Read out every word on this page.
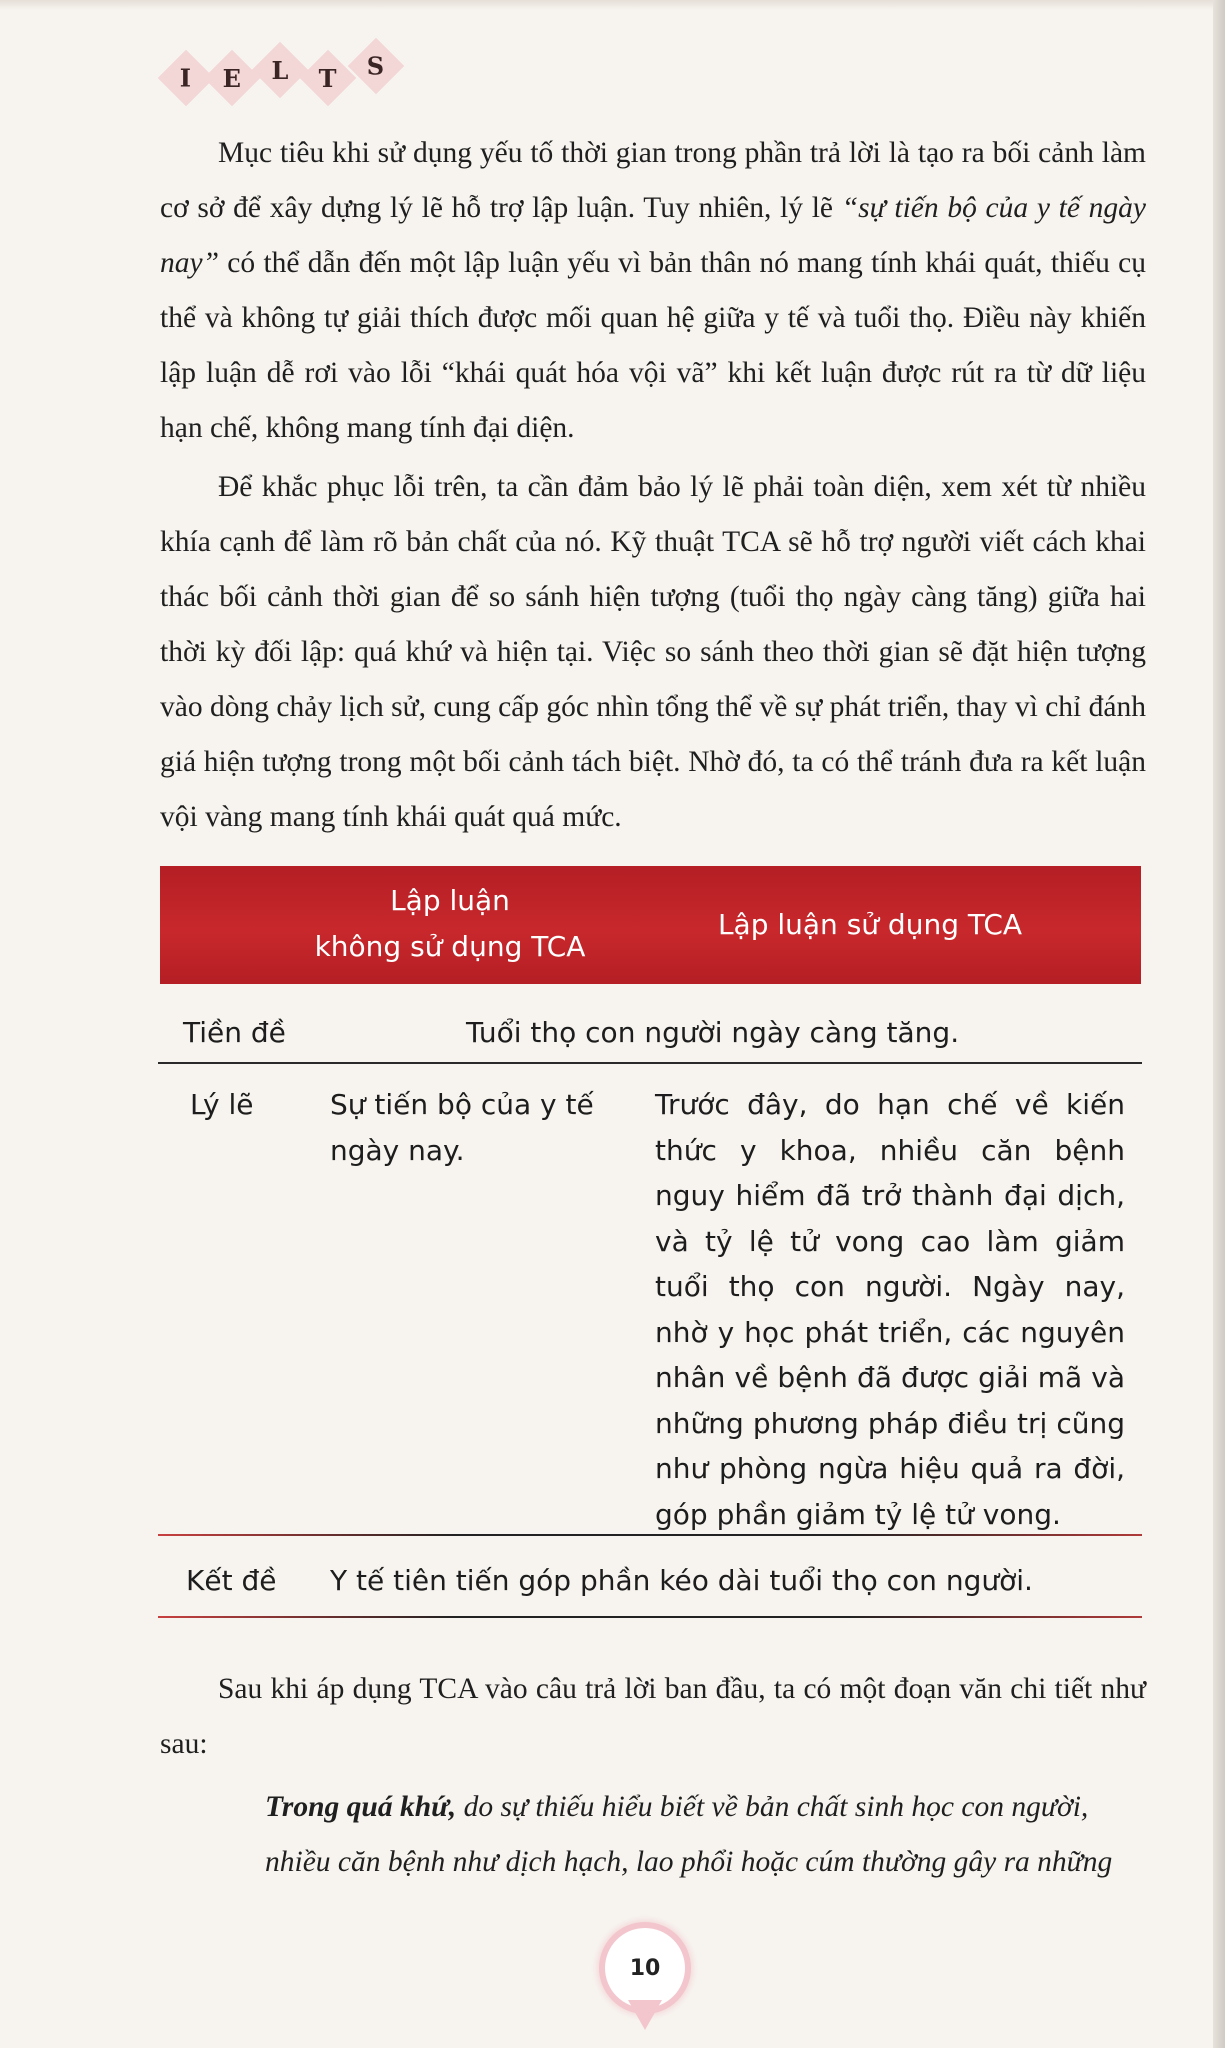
I E L T S
Mục tiêu khi sử dụng yếu tố thời gian trong phần trả lời là tạo ra bối cảnh làm cơ sở để xây dựng lý lẽ hỗ trợ lập luận. Tuy nhiên, lý lẽ “sự tiến bộ của y tế ngày nay” có thể dẫn đến một lập luận yếu vì bản thân nó mang tính khái quát, thiếu cụ thể và không tự giải thích được mối quan hệ giữa y tế và tuổi thọ. Điều này khiến lập luận dễ rơi vào lỗi “khái quát hóa vội vã” khi kết luận được rút ra từ dữ liệu hạn chế, không mang tính đại diện.
Để khắc phục lỗi trên, ta cần đảm bảo lý lẽ phải toàn diện, xem xét từ nhiều khía cạnh để làm rõ bản chất của nó. Kỹ thuật TCA sẽ hỗ trợ người viết cách khai thác bối cảnh thời gian để so sánh hiện tượng (tuổi thọ ngày càng tăng) giữa hai thời kỳ đối lập: quá khứ và hiện tại. Việc so sánh theo thời gian sẽ đặt hiện tượng vào dòng chảy lịch sử, cung cấp góc nhìn tổng thể về sự phát triển, thay vì chỉ đánh giá hiện tượng trong một bối cảnh tách biệt. Nhờ đó, ta có thể tránh đưa ra kết luận vội vàng mang tính khái quát quá mức.
Lập luận
không sử dụng TCA
Lập luận sử dụng TCA
Tiền đề	Tuổi thọ con người ngày càng tăng.
Lý lẽ	Sự tiến bộ của y tế ngày nay.
Trước đây, do hạn chế về kiến thức y khoa, nhiều căn bệnh nguy hiểm đã trở thành đại dịch, và tỷ lệ tử vong cao làm giảm tuổi thọ con người. Ngày nay, nhờ y học phát triển, các nguyên nhân về bệnh đã được giải mã và những phương pháp điều trị cũng như phòng ngừa hiệu quả ra đời, góp phần giảm tỷ lệ tử vong.
Kết đề Y tế tiên tiến góp phần kéo dài tuổi thọ con người.
Sau khi áp dụng TCA vào câu trả lời ban đầu, ta có một đoạn văn chi tiết như sau:
Trong quá khứ, do sự thiếu hiểu biết về bản chất sinh học con người, nhiều căn bệnh như dịch hạch, lao phổi hoặc cúm thường gây ra những
10
